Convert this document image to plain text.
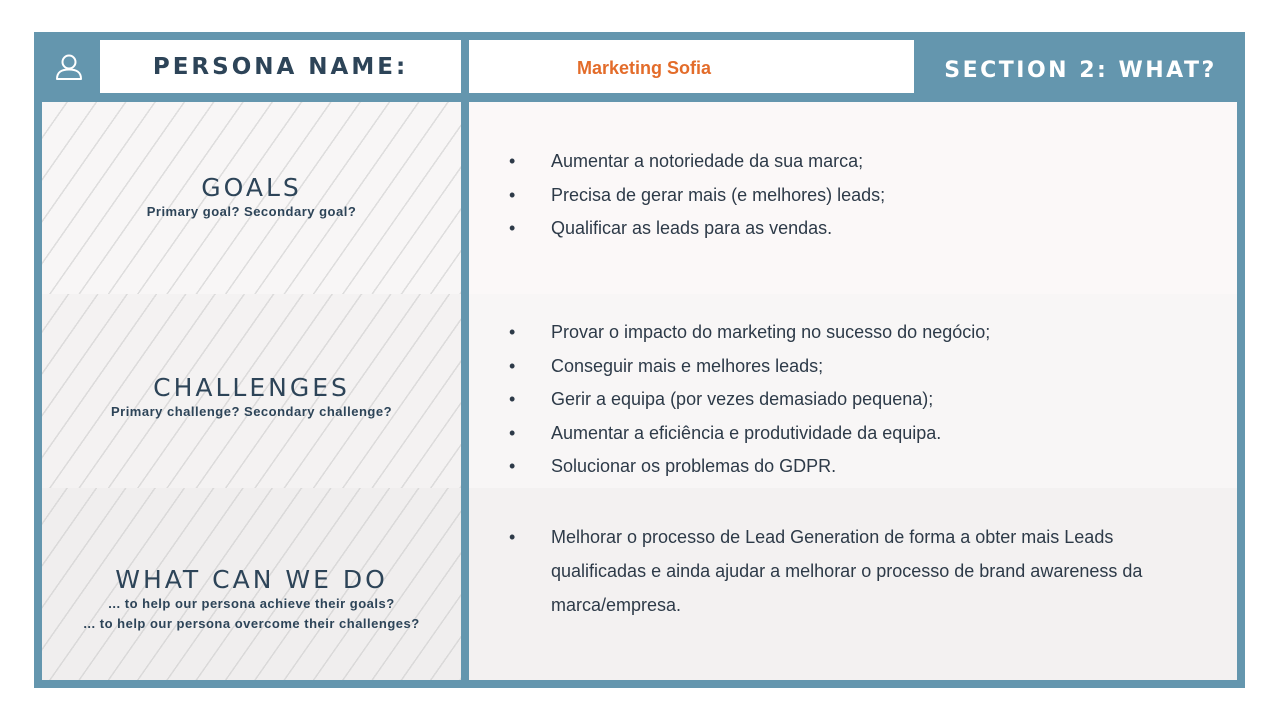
PERSONA NAME:	Marketing Sofia	SECTION 2: WHAT?
GOALS
Primary goal? Secondary goal?
CHALLENGES
Primary challenge? Secondary challenge?
WHAT CAN WE DO
... to help our persona achieve their goals?
... to help our persona overcome their challenges?
• Aumentar a notoriedade da sua marca;
• Precisa de gerar mais (e melhores) leads;
• Qualificar as leads para as vendas.
• Provar o impacto do marketing no sucesso do negócio;
• Conseguir mais e melhores leads;
• Gerir a equipa (por vezes demasiado pequena);
• Aumentar a eficiência e produtividade da equipa.
• Solucionar os problemas do GDPR.
• Melhorar o processo de Lead Generation de forma a obter mais Leads qualificadas e ainda ajudar a melhorar o processo de brand awareness da marca/empresa.
